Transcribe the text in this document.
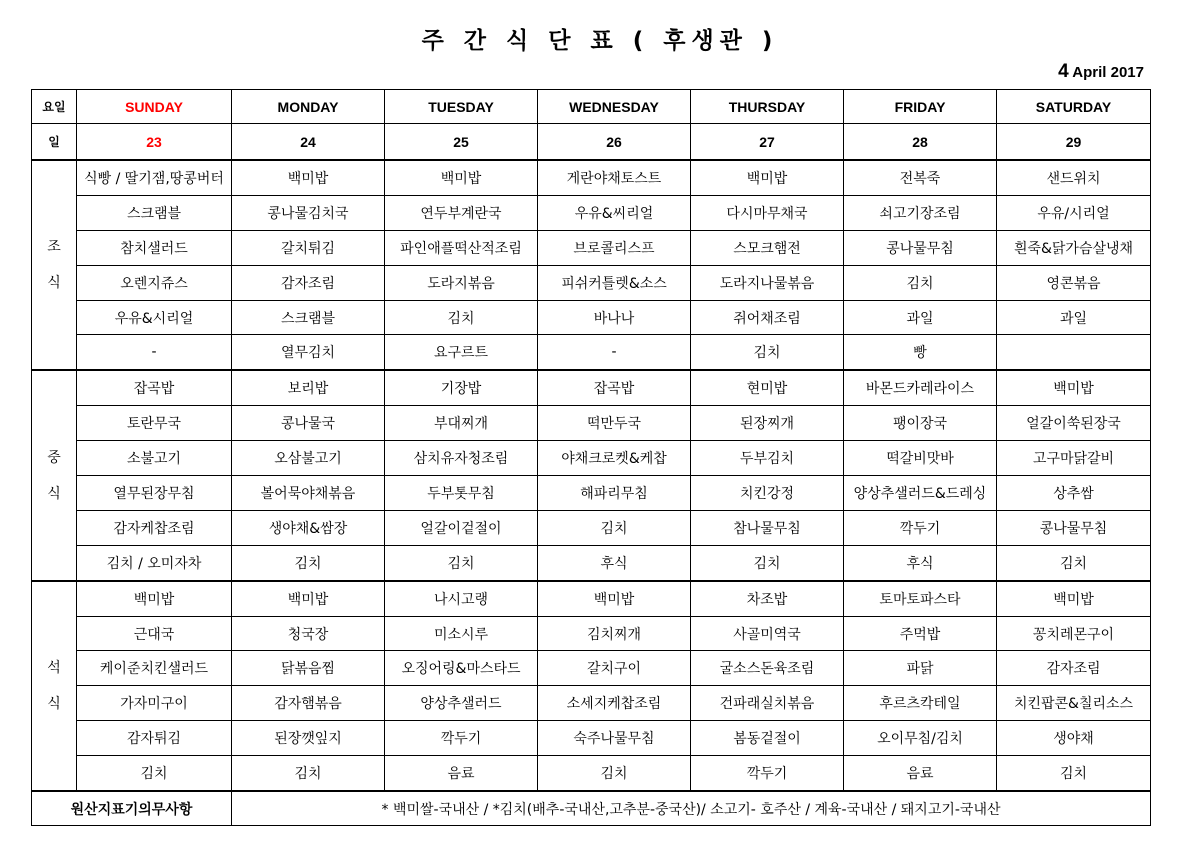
주 간 식 단 표 ( 후생관 )
4 April 2017
요일	SUNDAY	MONDAY	TUESDAY	WEDNESDAY	THURSDAY	FRIDAY	SATURDAY
일	23	24	25	26	27	28	29

조
식	식빵 / 딸기잼,땅콩버터	백미밥	백미밥	게란야채토스트	백미밥	전복죽	샌드위치
	스크램블	콩나물김치국	연두부계란국	우유&씨리얼	다시마무채국	쇠고기장조림	우유/시리얼
	참치샐러드	갈치튀김	파인애플떡산적조림	브로콜리스프	스모크햄전	콩나물무침	흰죽&닭가슴살냉채
	오렌지쥬스	감자조림	도라지볶음	피쉬커틀렛&소스	도라지나물볶음	김치	영콘볶음
	우유&시리얼	스크램블	김치	바나나	쥐어채조림	과일	과일
	-	열무김치	요구르트	-	김치	빵	

중
식	잡곡밥	보리밥	기장밥	잡곡밥	현미밥	바몬드카레라이스	백미밥
	토란무국	콩나물국	부대찌개	떡만두국	된장찌개	팽이장국	얼갈이쑥된장국
	소불고기	오삼불고기	삼치유자청조림	야채크로켓&케찹	두부김치	떡갈비맛바	고구마닭갈비
	열무된장무침	볼어묵야채볶음	두부톳무침	해파리무침	치킨강정	양상추샐러드&드레싱	상추쌈
	감자케찹조림	생야채&쌈장	얼갈이겉절이	김치	참나물무침	깍두기	콩나물무침
	김치 / 오미자차	김치	김치	후식	김치	후식	김치

석
식	백미밥	백미밥	나시고랭	백미밥	차조밥	토마토파스타	백미밥
	근대국	청국장	미소시루	김치찌개	사골미역국	주먹밥	꽁치레몬구이
	케이준치킨샐러드	닭볶음찜	오징어링&마스타드	갈치구이	굴소스돈육조림	파닭	감자조림
	가자미구이	감자햄볶음	양상추샐러드	소세지케찹조림	건파래실치볶음	후르츠칵테일	치킨팝콘&칠리소스
	감자튀김	된장깻잎지	깍두기	숙주나물무침	봄동겉절이	오이무침/김치	생야채
	김치	김치	음료	김치	깍두기	음료	김치
원산지표기의무사항		* 백미쌀-국내산 / *김치(배추-국내산,고추분-중국산)/ 소고기- 호주산 / 계육-국내산 / 돼지고기-국내산					
